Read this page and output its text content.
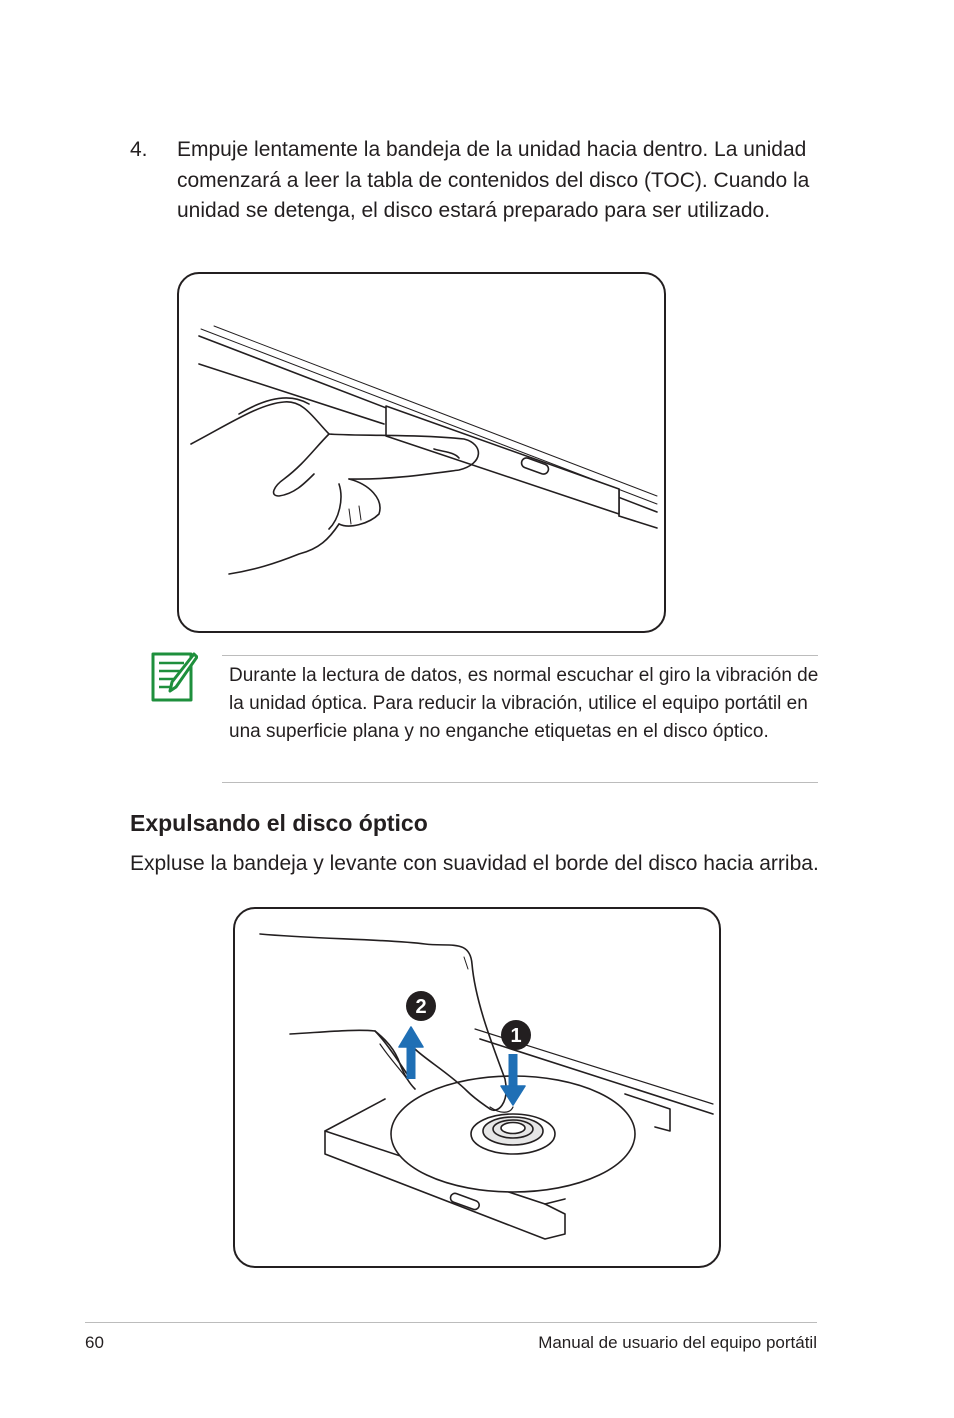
4. Empuje lentamente la bandeja de la unidad hacia dentro. La unidad comenzará a leer la tabla de contenidos del disco (TOC). Cuando la unidad se detenga, el disco estará preparado para ser utilizado.
Durante la lectura de datos, es normal escuchar el giro la vibración de la unidad óptica. Para reducir la vibración, utilice el equipo portátil en una superficie plana y no enganche etiquetas en el disco óptico.
Expulsando el disco óptico
Expluse la bandeja y levante con suavidad el borde del disco hacia arriba.
2
1
60	Manual de usuario del equipo portátil
